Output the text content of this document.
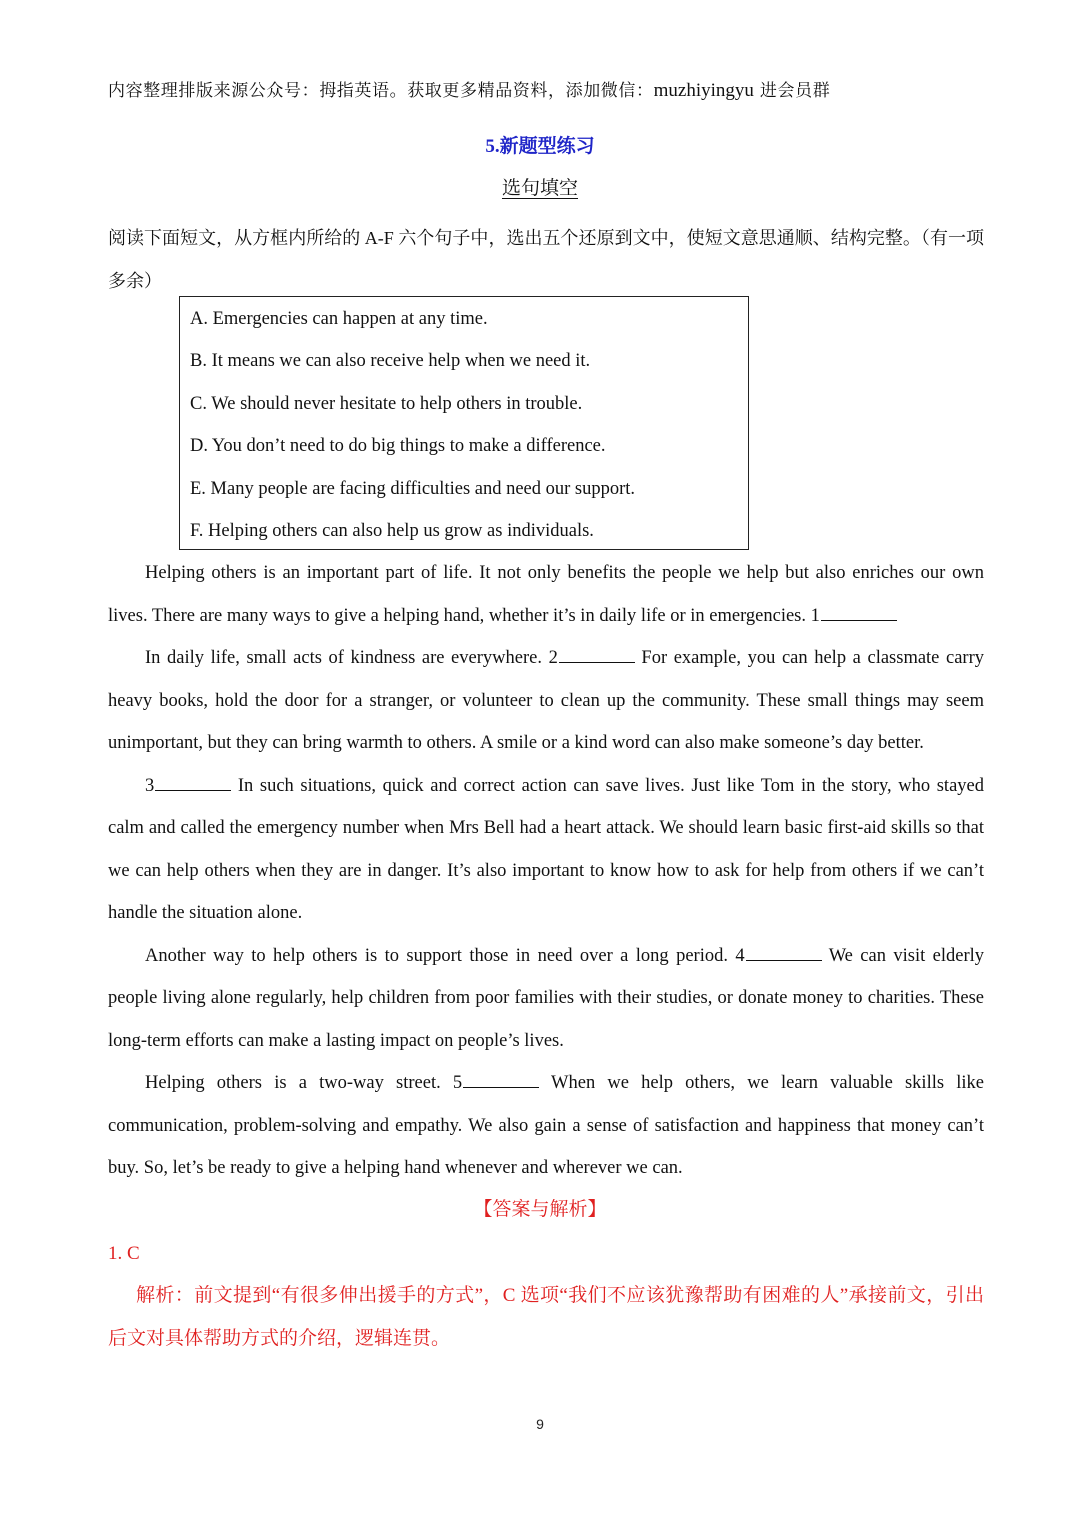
内容整理排版来源公众号：拇指英语。获取更多精品资料，添加微信：muzhiyingyu 进会员群
5.新题型练习
选句填空
阅读下面短文，从方框内所给的 A-F 六个句子中，选出五个还原到文中，使短文意思通顺、结构完整。（有一项多余）
A. Emergencies can happen at any time.
B. It means we can also receive help when we need it.
C. We should never hesitate to help others in trouble.
D. You don’t need to do big things to make a difference.
E. Many people are facing difficulties and need our support.
F. Helping others can also help us grow as individuals.

Helping others is an important part of life. It not only benefits the people we help but also enriches our own lives. There are many ways to give a helping hand, whether it’s in daily life or in emergencies. 1

In daily life, small acts of kindness are everywhere. 2	For example, you can help a classmate carry heavy books, hold the door for a stranger, or volunteer to clean up the community. These small things may seem unimportant, but they can bring warmth to others. A smile or a kind word can also make someone’s day better.

3	In such situations, quick and correct action can save lives. Just like Tom in the story, who stayed calm and called the emergency number when Mrs Bell had a heart attack. We should learn basic first-aid skills so that we can help others when they are in danger. It’s also important to know how to ask for help from others if we can’t handle the situation alone.

Another way to help others is to support those in need over a long period. 4	We can visit elderly people living alone regularly, help children from poor families with their studies, or donate money to charities. These long-term efforts can make a lasting impact on people’s lives.

Helping others is a two-way street. 5	When we help others, we learn valuable skills like communication, problem-solving and empathy. We also gain a sense of satisfaction and happiness that money can’t buy. So, let’s be ready to give a helping hand whenever and wherever we can.

【答案与解析】
1. C

解析：前文提到“有很多伸出援手的方式”，C 选项“我们不应该犹豫帮助有困难的人”承接前文，引出后文对具体帮助方式的介绍，逻辑连贯。

9
